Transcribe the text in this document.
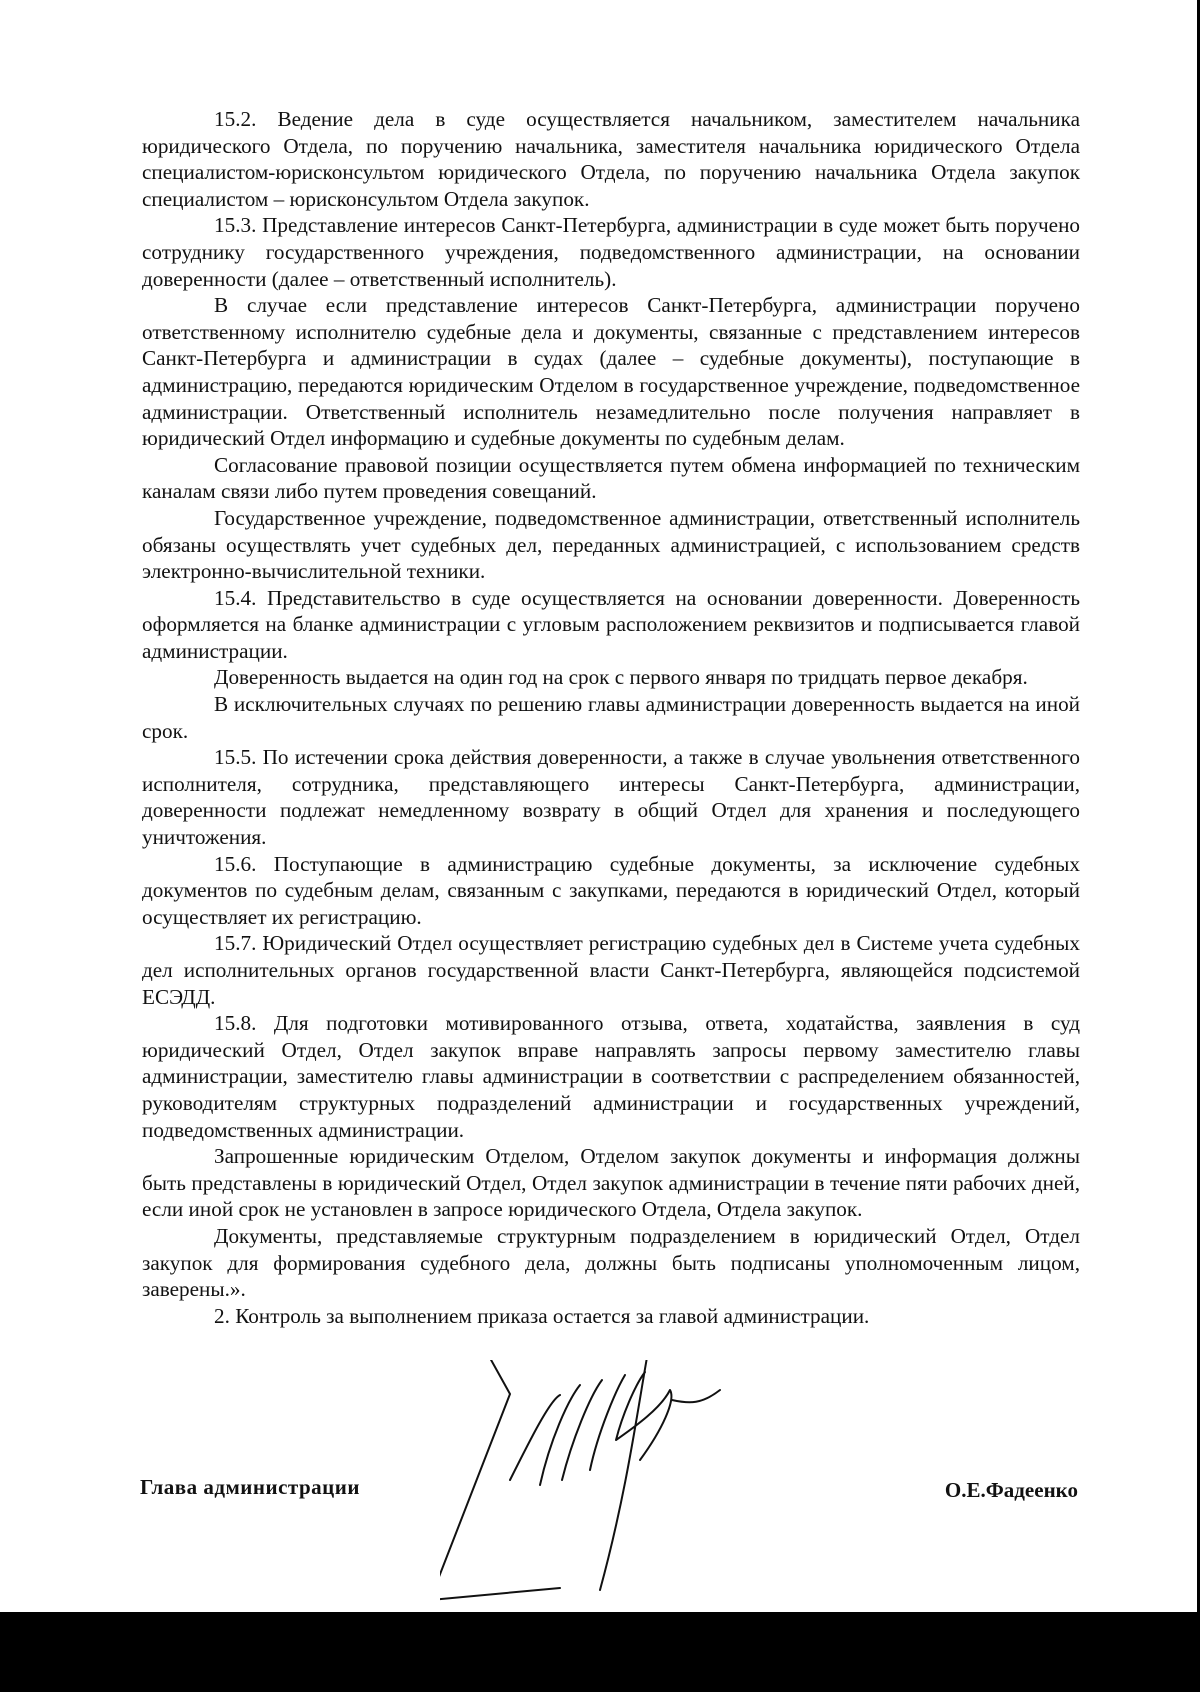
15.2. Ведение дела в суде осуществляется начальником, заместителем начальника юридического Отдела, по поручению начальника, заместителя начальника юридического Отдела специалистом-юрисконсультом юридического Отдела, по поручению начальника Отдела закупок специалистом – юрисконсультом Отдела закупок.

15.3. Представление интересов Санкт-Петербурга, администрации в суде может быть поручено сотруднику государственного учреждения, подведомственного администрации, на основании доверенности (далее – ответственный исполнитель).

В случае если представление интересов Санкт-Петербурга, администрации поручено ответственному исполнителю судебные дела и документы, связанные с представлением интересов Санкт-Петербурга и администрации в судах (далее – судебные документы), поступающие в администрацию, передаются юридическим Отделом в государственное учреждение, подведомственное администрации. Ответственный исполнитель незамедлительно после получения направляет в юридический Отдел информацию и судебные документы по судебным делам.

Согласование правовой позиции осуществляется путем обмена информацией по техническим каналам связи либо путем проведения совещаний.

Государственное учреждение, подведомственное администрации, ответственный исполнитель обязаны осуществлять учет судебных дел, переданных администрацией, с использованием средств электронно-вычислительной техники.

15.4. Представительство в суде осуществляется на основании доверенности. Доверенность оформляется на бланке администрации с угловым расположением реквизитов и подписывается главой администрации.

Доверенность выдается на один год на срок с первого января по тридцать первое декабря.

В исключительных случаях по решению главы администрации доверенность выдается на иной срок.

15.5. По истечении срока действия доверенности, а также в случае увольнения ответственного исполнителя, сотрудника, представляющего интересы Санкт-Петербурга, администрации, доверенности подлежат немедленному возврату в общий Отдел для хранения и последующего уничтожения.

15.6. Поступающие в администрацию судебные документы, за исключение судебных документов по судебным делам, связанным с закупками, передаются в юридический Отдел, который осуществляет их регистрацию.

15.7. Юридический Отдел осуществляет регистрацию судебных дел в Системе учета судебных дел исполнительных органов государственной власти Санкт-Петербурга, являющейся подсистемой ЕСЭДД.

15.8. Для подготовки мотивированного отзыва, ответа, ходатайства, заявления в суд юридический Отдел, Отдел закупок вправе направлять запросы первому заместителю главы администрации, заместителю главы администрации в соответствии с распределением обязанностей, руководителям структурных подразделений администрации и государственных учреждений, подведомственных администрации.

Запрошенные юридическим Отделом, Отделом закупок документы и информация должны быть представлены в юридический Отдел, Отдел закупок администрации в течение пяти рабочих дней, если иной срок не установлен в запросе юридического Отдела, Отдела закупок.

Документы, представляемые структурным подразделением в юридический Отдел, Отдел закупок для формирования судебного дела, должны быть подписаны уполномоченным лицом, заверены.».

2. Контроль за выполнением приказа остается за главой администрации.

Глава администрации	О.Е.Фадеенко
